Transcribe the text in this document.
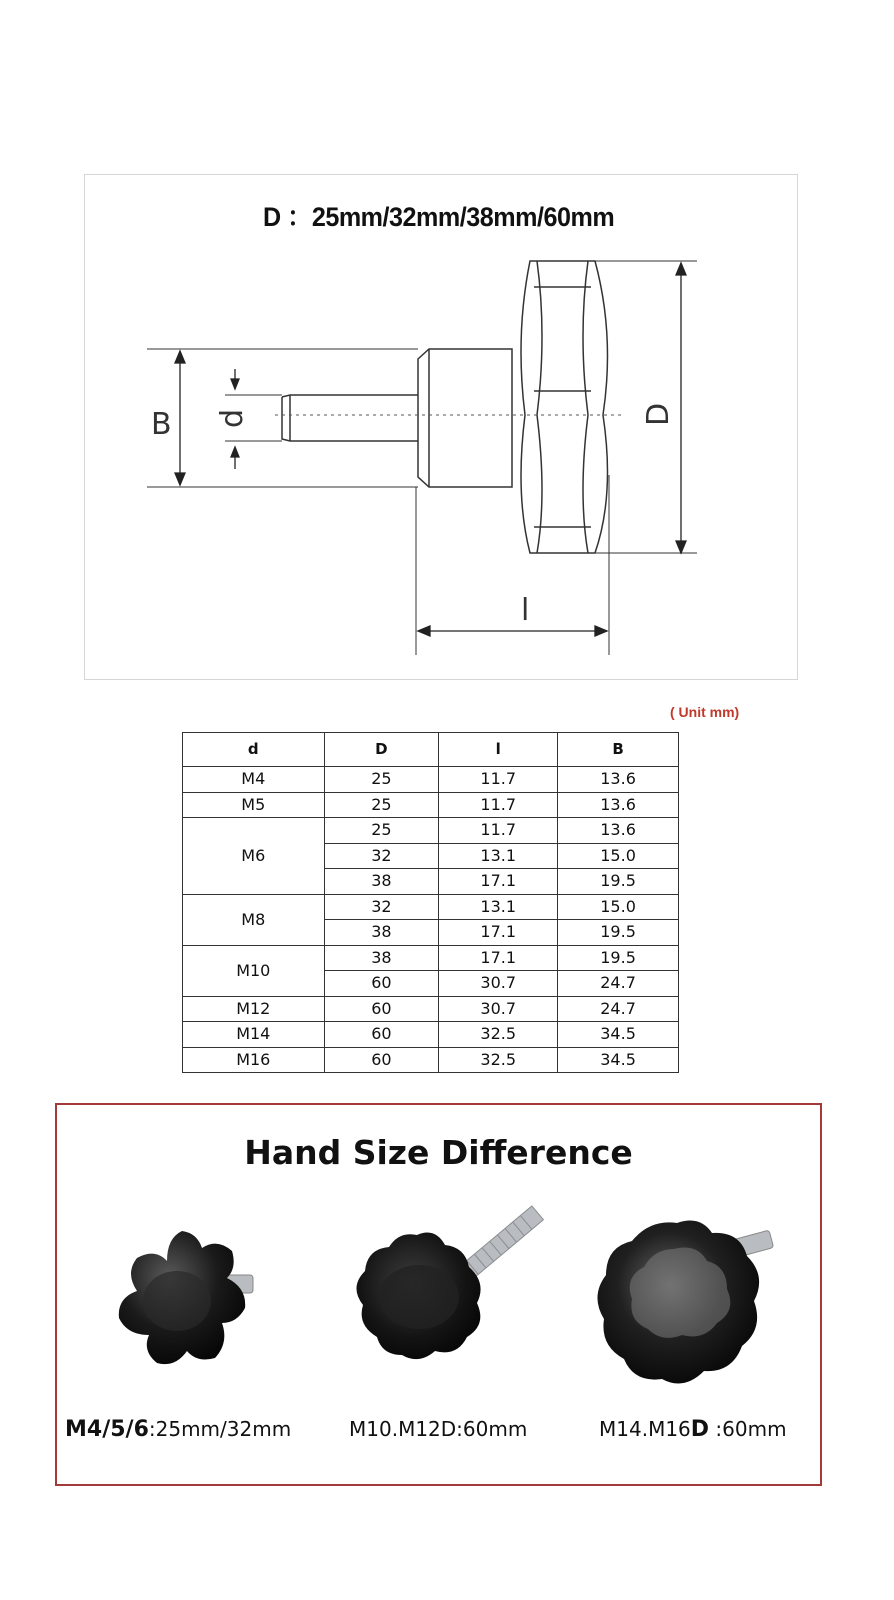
D ：25mm/32mm/38mm/60mm
B d	D
l
( Unit mm)
d	D	l	B
M4	25	11.7	13.6
M5	25	11.7	13.6
M6	25	11.7	13.6
	32	13.1	15.0
	38	17.1	19.5
M8	32	13.1	15.0
	38	17.1	19.5
M10	38	17.1	19.5
	60	30.7	24.7
M12	60	30.7	24.7
M14	60	32.5	34.5
M16	60	32.5	34.5
Hand Size Difference
M4/5/6:25mm/32mm	M10.M12D:60mm	M14.M16D :60mm
